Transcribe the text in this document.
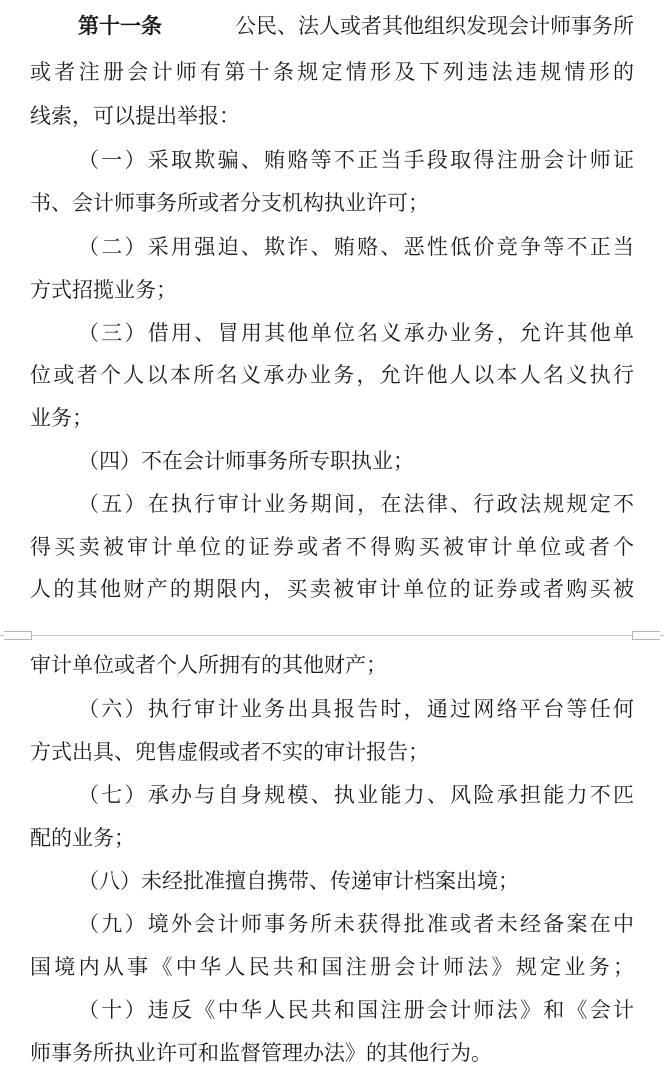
第十一条	公民、法人或者其他组织发现会计师事务所
或者注册会计师有第十条规定情形及下列违法违规情形的
线索，可以提出举报：
（一）采取欺骗、贿赂等不正当手段取得注册会计师证
书、会计师事务所或者分支机构执业许可；
（二）采用强迫、欺诈、贿赂、恶性低价竞争等不正当
方式招揽业务；
（三）借用、冒用其他单位名义承办业务，允许其他单
位或者个人以本所名义承办业务，允许他人以本人名义执行
业务；
（四）不在会计师事务所专职执业；
（五）在执行审计业务期间，在法律、行政法规规定不
得买卖被审计单位的证券或者不得购买被审计单位或者个
人的其他财产的期限内，买卖被审计单位的证券或者购买被
审计单位或者个人所拥有的其他财产；
（六）执行审计业务出具报告时，通过网络平台等任何
方式出具、兜售虚假或者不实的审计报告；
（七）承办与自身规模、执业能力、风险承担能力不匹
配的业务；
（八）未经批准擅自携带、传递审计档案出境；
（九）境外会计师事务所未获得批准或者未经备案在中
国境内从事《中华人民共和国注册会计师法》规定业务；
（十）违反《中华人民共和国注册会计师法》和《会计
师事务所执业许可和监督管理办法》的其他行为。
